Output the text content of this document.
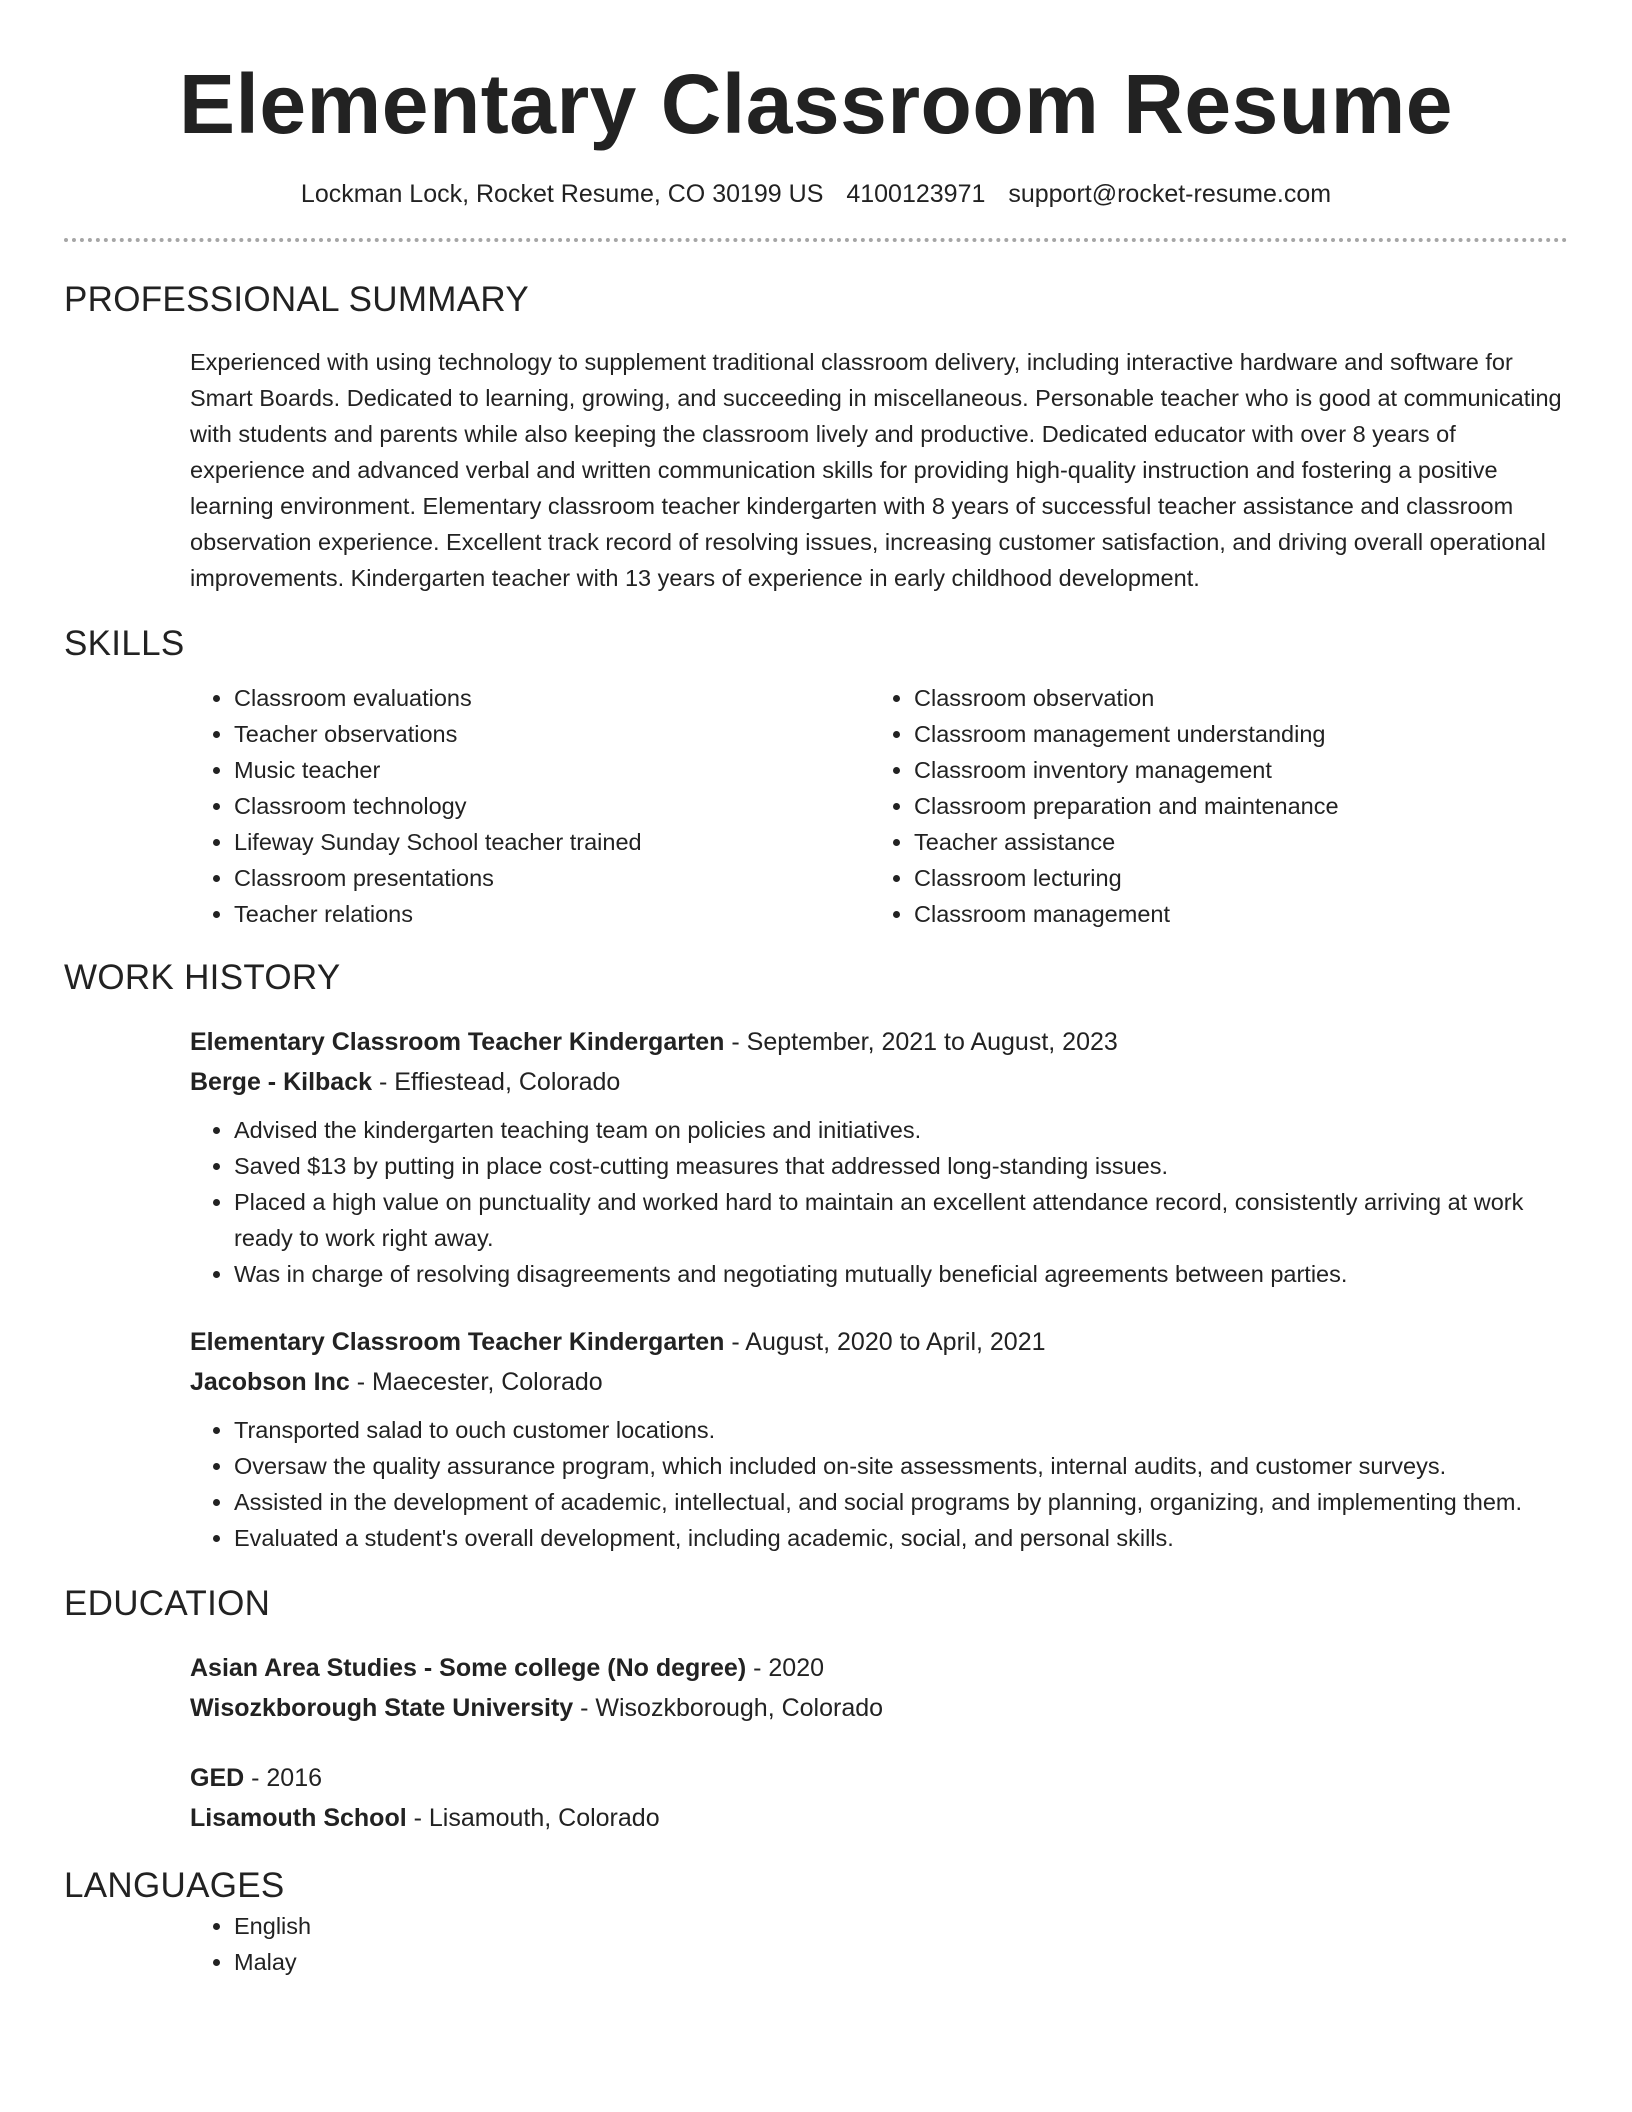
Elementary Classroom Resume
Lockman Lock, Rocket Resume, CO 30199 US 4100123971 support@rocket-resume.com
PROFESSIONAL SUMMARY

Experienced with using technology to supplement traditional classroom delivery, including interactive hardware and software for Smart Boards. Dedicated to learning, growing, and succeeding in miscellaneous. Personable teacher who is good at communicating with students and parents while also keeping the classroom lively and productive. Dedicated educator with over 8 years of experience and advanced verbal and written communication skills for providing high-quality instruction and fostering a positive learning environment. Elementary classroom teacher kindergarten with 8 years of successful teacher assistance and classroom observation experience. Excellent track record of resolving issues, increasing customer satisfaction, and driving overall operational improvements. Kindergarten teacher with 13 years of experience in early childhood development.

SKILLS
• Classroom evaluations
• Teacher observations
• Music teacher
• Classroom technology
• Lifeway Sunday School teacher trained
• Classroom presentations
• Teacher relations
• Classroom observation
• Classroom management understanding
• Classroom inventory management
• Classroom preparation and maintenance
• Teacher assistance
• Classroom lecturing
• Classroom management
WORK HISTORY
Elementary Classroom Teacher Kindergarten - September, 2021 to August, 2023
Berge - Kilback - Effiestead, Colorado
• Advised the kindergarten teaching team on policies and initiatives.
• Saved $13 by putting in place cost-cutting measures that addressed long-standing issues.
• Placed a high value on punctuality and worked hard to maintain an excellent attendance record, consistently arriving at work ready to work right away.
• Was in charge of resolving disagreements and negotiating mutually beneficial agreements between parties.
Elementary Classroom Teacher Kindergarten - August, 2020 to April, 2021
Jacobson Inc - Maecester, Colorado
• Transported salad to ouch customer locations.
• Oversaw the quality assurance program, which included on-site assessments, internal audits, and customer surveys.
• Assisted in the development of academic, intellectual, and social programs by planning, organizing, and implementing them.
• Evaluated a student's overall development, including academic, social, and personal skills.
EDUCATION
Asian Area Studies - Some college (No degree) - 2020
Wisozkborough State University - Wisozkborough, Colorado
GED - 2016
Lisamouth School - Lisamouth, Colorado
LANGUAGES
• English
• Malay
